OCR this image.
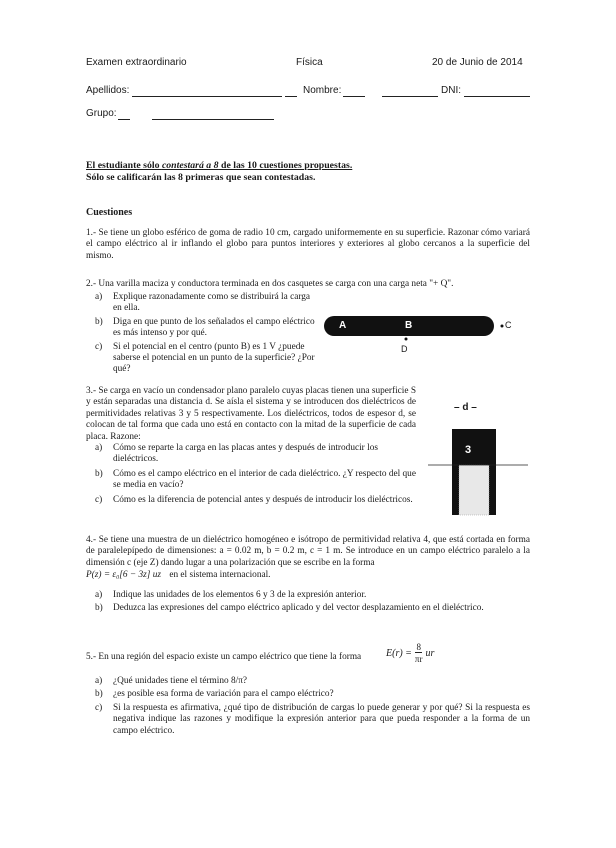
Examen extraordinario	Física	20 de Junio de 2014
Apellidos:	Nombre:	DNI:
Grupo:
El estudiante sólo contestará a 8 de las 10 cuestiones propuestas.
Sólo se calificarán las 8 primeras que sean contestadas.
Cuestiones
1.- Se tiene un globo esférico de goma de radio 10 cm, cargado uniformemente en su superficie. Razonar cómo variará el campo eléctrico al ir inflando el globo para puntos interiores y exteriores al globo cercanos a la superficie del mismo.
2.- Una varilla maciza y conductora terminada en dos casquetes se carga con una carga neta "+ Q".
a)	Explique razonadamente como se distribuirá la carga en ella.
b)	Diga en que punto de los señalados el campo eléctrico es más intenso y por qué.
c)	Si el potencial en el centro (punto B) es 1 V ¿puede saberse el potencial en un punto de la superficie? ¿Por qué?
A	B	C
D
3.- Se carga en vacío un condensador plano paralelo cuyas placas tienen una superficie S y están separadas una distancia d. Se aísla el sistema y se introducen dos dieléctricos de permitividades relativas 3 y 5 respectivamente. Los dieléctricos, todos de espesor d, se colocan de tal forma que cada uno está en contacto con la mitad de la superficie de cada placa. Razone:
a)	Cómo se reparte la carga en las placas antes y después de introducir los dieléctricos.
b)	Cómo es el campo eléctrico en el interior de cada dieléctrico. ¿Y respecto del que se media en vacío?
c)	Cómo es la diferencia de potencial antes y después de introducir los dieléctricos.
– d –
3
4.- Se tiene una muestra de un dieléctrico homogéneo e isótropo de permitividad relativa 4, que está cortada en forma de paralelepípedo de dimensiones: a = 0.02 m, b = 0.2 m, c = 1 m. Se introduce en un campo eléctrico paralelo a la dimensión c (eje Z) dando lugar a una polarización que se escribe en la forma
P(z) = ε₀[6 − 3z] uz en el sistema internacional.
a)	Indique las unidades de los elementos 6 y 3 de la expresión anterior.
b)	Deduzca las expresiones del campo eléctrico aplicado y del vector desplazamiento en el dieléctrico.
5.- En una región del espacio existe un campo eléctrico que tiene la forma	$E(r) = \frac{8}{\pi r}$ ur
a)	¿Qué unidades tiene el término 8/π?
b)	¿es posible esa forma de variación para el campo eléctrico?
c)	Si la respuesta es afirmativa, ¿qué tipo de distribución de cargas lo puede generar y por qué? Si la respuesta es negativa indique las razones y modifique la expresión anterior para que pueda responder a la forma de un campo eléctrico.
